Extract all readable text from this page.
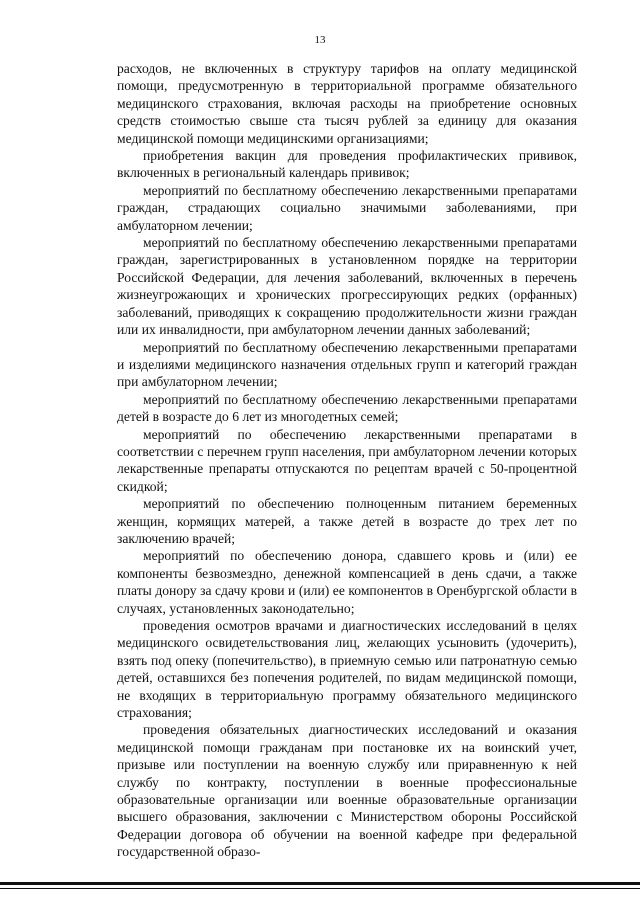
13

расходов, не включенных в структуру тарифов на оплату медицинской помощи, предусмотренную в территориальной программе обязательного медицинского страхования, включая расходы на приобретение основных средств стоимостью свыше ста тысяч рублей за единицу для оказания медицинской помощи медицинскими организациями;

приобретения вакцин для проведения профилактических прививок, включенных в региональный календарь прививок;

мероприятий по бесплатному обеспечению лекарственными препаратами граждан, страдающих социально значимыми заболеваниями, при амбулаторном лечении;

мероприятий по бесплатному обеспечению лекарственными препаратами граждан, зарегистрированных в установленном порядке на территории Российской Федерации, для лечения заболеваний, включенных в перечень жизнеугрожающих и хронических прогрессирующих редких (орфанных) заболеваний, приводящих к сокращению продолжительности жизни граждан или их инвалидности, при амбулаторном лечении данных заболеваний;

мероприятий по бесплатному обеспечению лекарственными препаратами и изделиями медицинского назначения отдельных групп и категорий граждан при амбулаторном лечении;

мероприятий по бесплатному обеспечению лекарственными препаратами детей в возрасте до 6 лет из многодетных семей;

мероприятий по обеспечению лекарственными препаратами в соответствии с перечнем групп населения, при амбулаторном лечении которых лекарственные препараты отпускаются по рецептам врачей с 50-процентной скидкой;

мероприятий по обеспечению полноценным питанием беременных женщин, кормящих матерей, а также детей в возрасте до трех лет по заключению врачей;

мероприятий по обеспечению донора, сдавшего кровь и (или) ее компоненты безвозмездно, денежной компенсацией в день сдачи, а также платы донору за сдачу крови и (или) ее компонентов в Оренбургской области в случаях, установленных законодательно;

проведения осмотров врачами и диагностических исследований в целях медицинского освидетельствования лиц, желающих усыновить (удочерить), взять под опеку (попечительство), в приемную семью или патронатную семью детей, оставшихся без попечения родителей, по видам медицинской помощи, не входящих в территориальную программу обязательного медицинского страхования;

проведения обязательных диагностических исследований и оказания медицинской помощи гражданам при постановке их на воинский учет, призыве или поступлении на военную службу или приравненную к ней службу по контракту, поступлении в военные профессиональные образовательные организации или военные образовательные организации высшего образования, заключении с Министерством обороны Российской Федерации договора об обучении на военной кафедре при федеральной государственной образо-
